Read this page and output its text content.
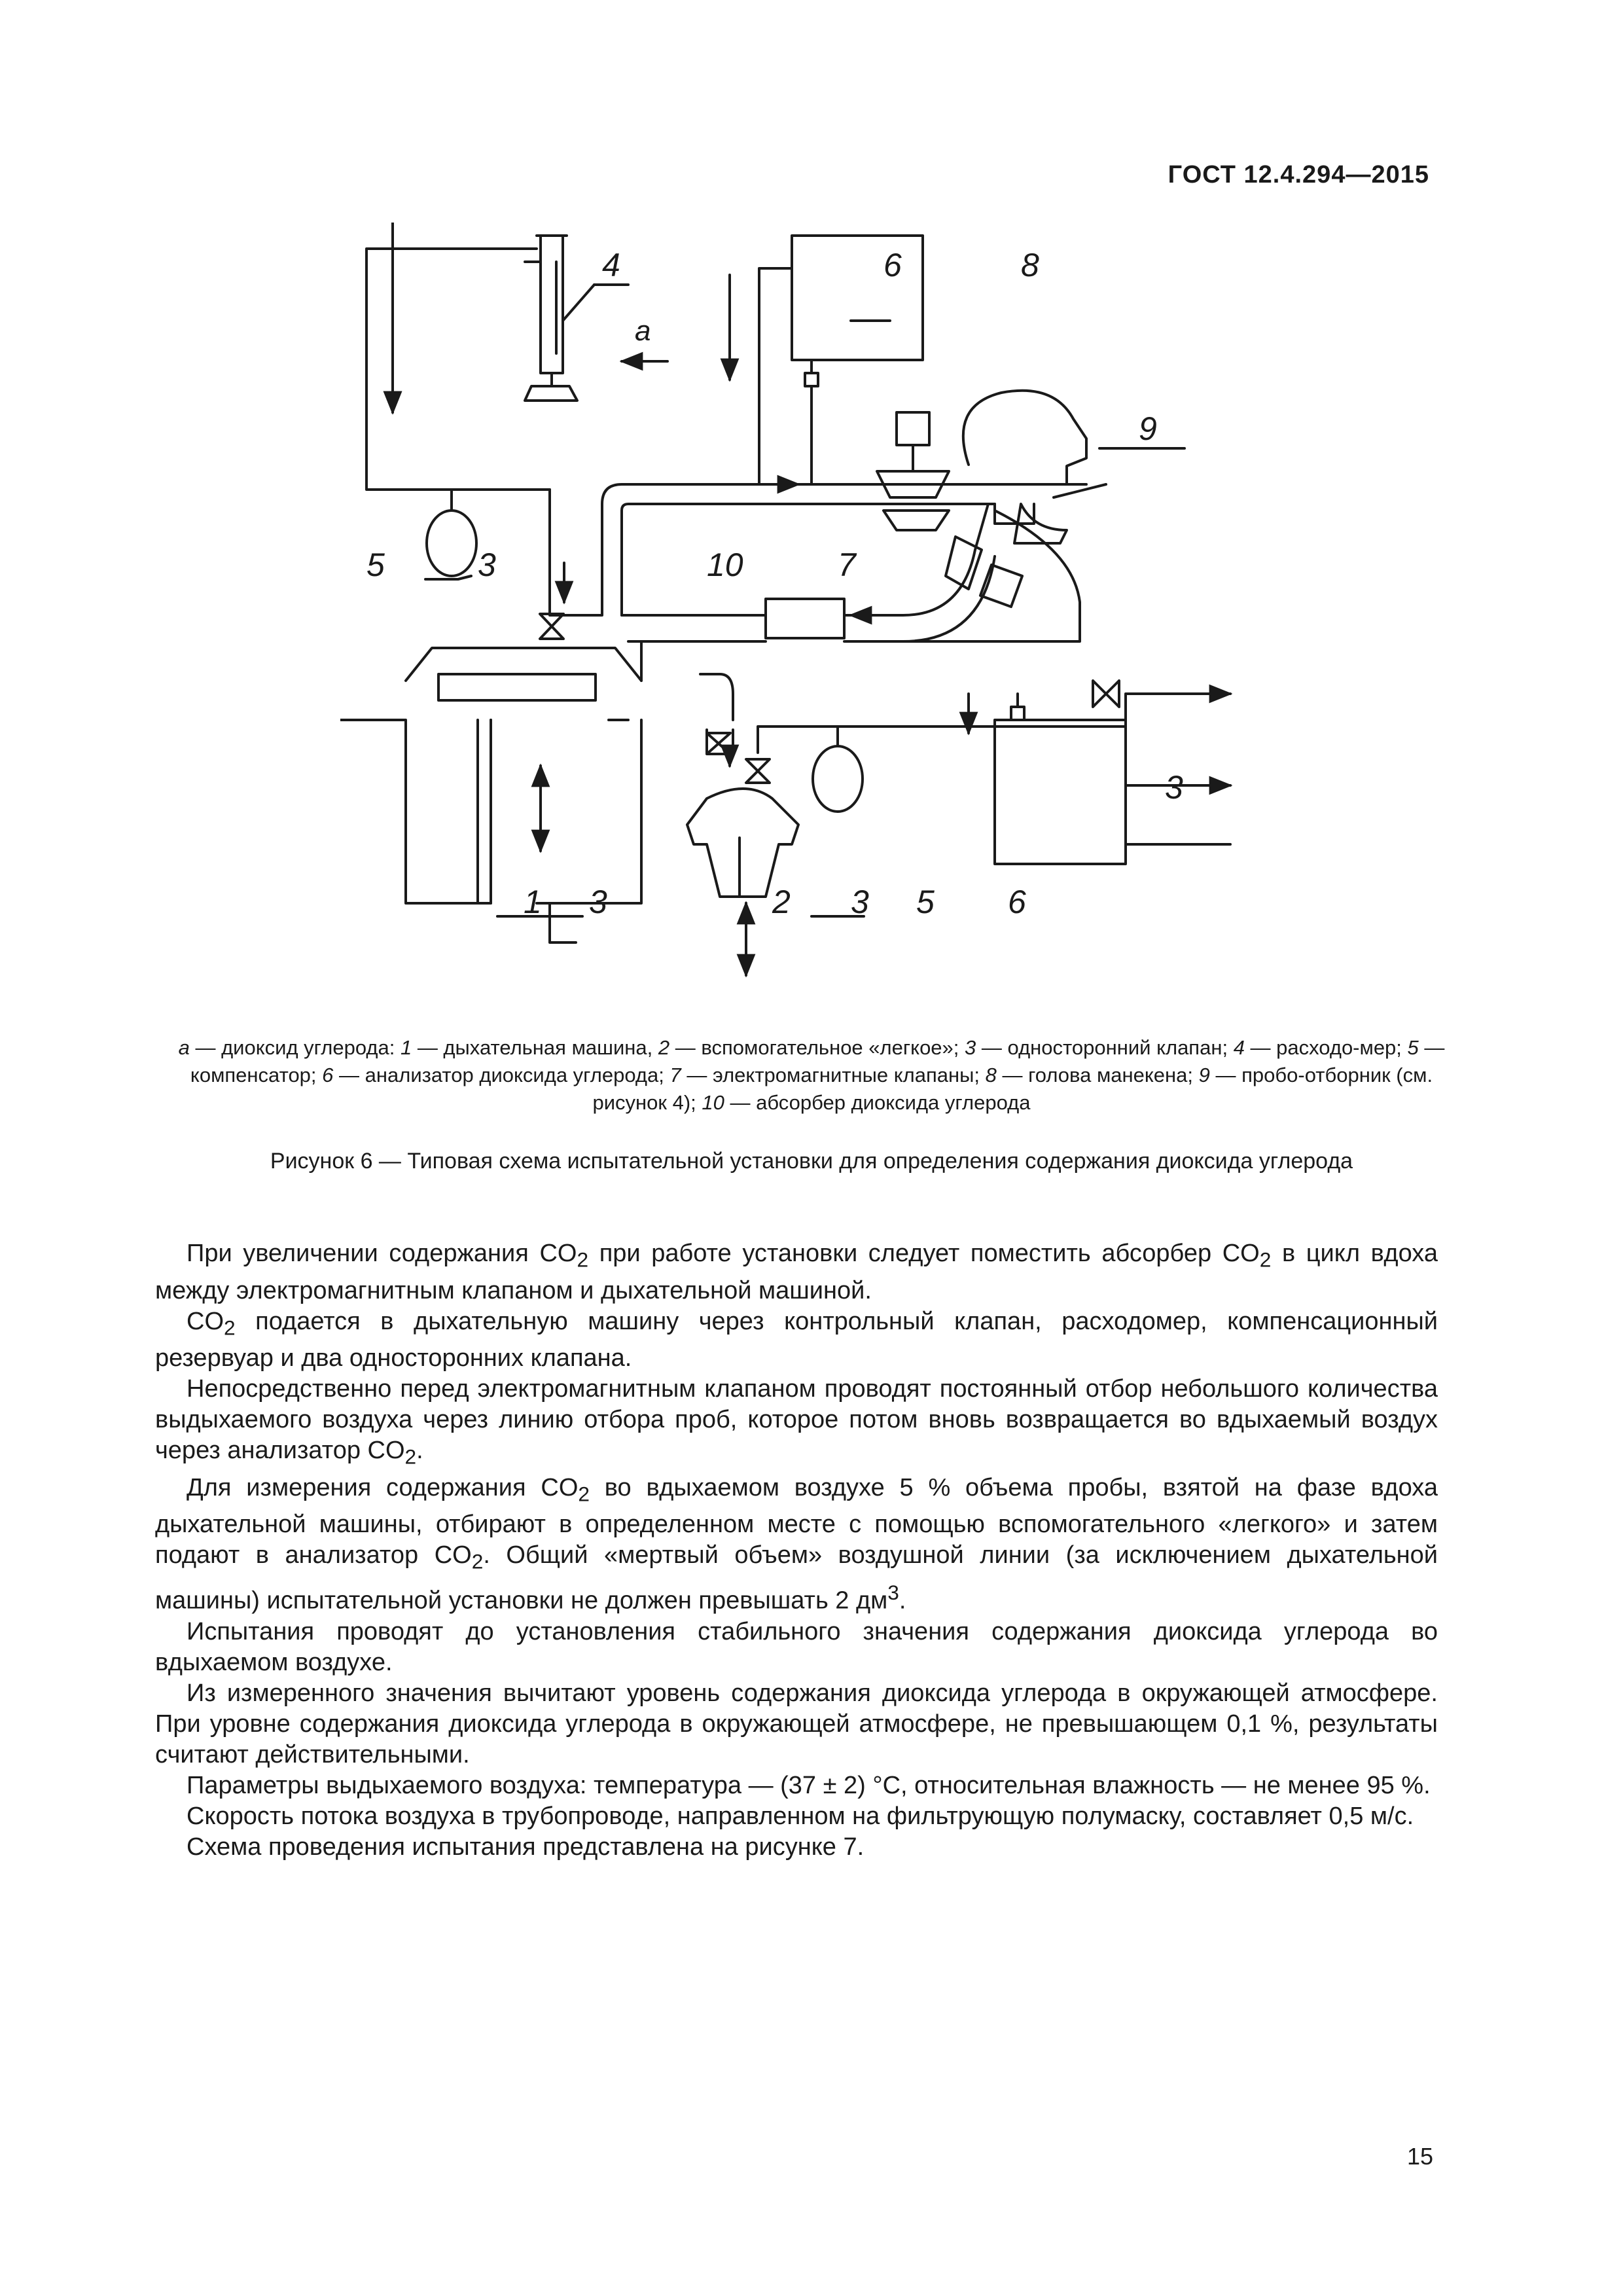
ГОСТ 12.4.294—2015
4
a
6	8
9
5	3	10	7
3
1 3	2 3 5 6
а — диоксид углерода: 1 — дыхательная машина, 2 — вспомогательное «легкое»; 3 — односторонний клапан; 4 — расходо-мер; 5 — компенсатор; 6 — анализатор диоксида углерода; 7 — электромагнитные клапаны; 8 — голова манекена; 9 — пробо-отборник (см. рисунок 4); 10 — абсорбер диоксида углерода
Рисунок 6 — Типовая схема испытательной установки для определения содержания диоксида углерода

При увеличении содержания $CO_2$ при работе установки следует поместить абсорбер $CO_2$ в цикл вдоха между электромагнитным клапаном и дыхательной машиной.

$CO_2$ подается в дыхательную машину через контрольный клапан, расходомер, компенсационный резервуар и два односторонних клапана.

Непосредственно перед электромагнитным клапаном проводят постоянный отбор небольшого количества выдыхаемого воздуха через линию отбора проб, которое потом вновь возвращается во вдыхаемый воздух через анализатор $CO_2$.

Для измерения содержания $CO_2$ во вдыхаемом воздухе 5 % объема пробы, взятой на фазе вдоха дыхательной машины, отбирают в определенном месте с помощью вспомогательного «легкого» и затем подают в анализатор $CO_2$. Общий «мертвый объем» воздушной линии (за исключением дыхательной машины) испытательной установки не должен превышать 2 $дм^3$.

Испытания проводят до установления стабильного значения содержания диоксида углерода во вдыхаемом воздухе.

Из измеренного значения вычитают уровень содержания диоксида углерода в окружающей атмосфере. При уровне содержания диоксида углерода в окружающей атмосфере, не превышающем 0,1 %, результаты считают действительными.

Параметры выдыхаемого воздуха: температура — (37 ± 2) °C, относительная влажность — не менее 95 %.

Скорость потока воздуха в трубопроводе, направленном на фильтрующую полумаску, составляет 0,5 м/с.

Схема проведения испытания представлена на рисунке 7.

15
